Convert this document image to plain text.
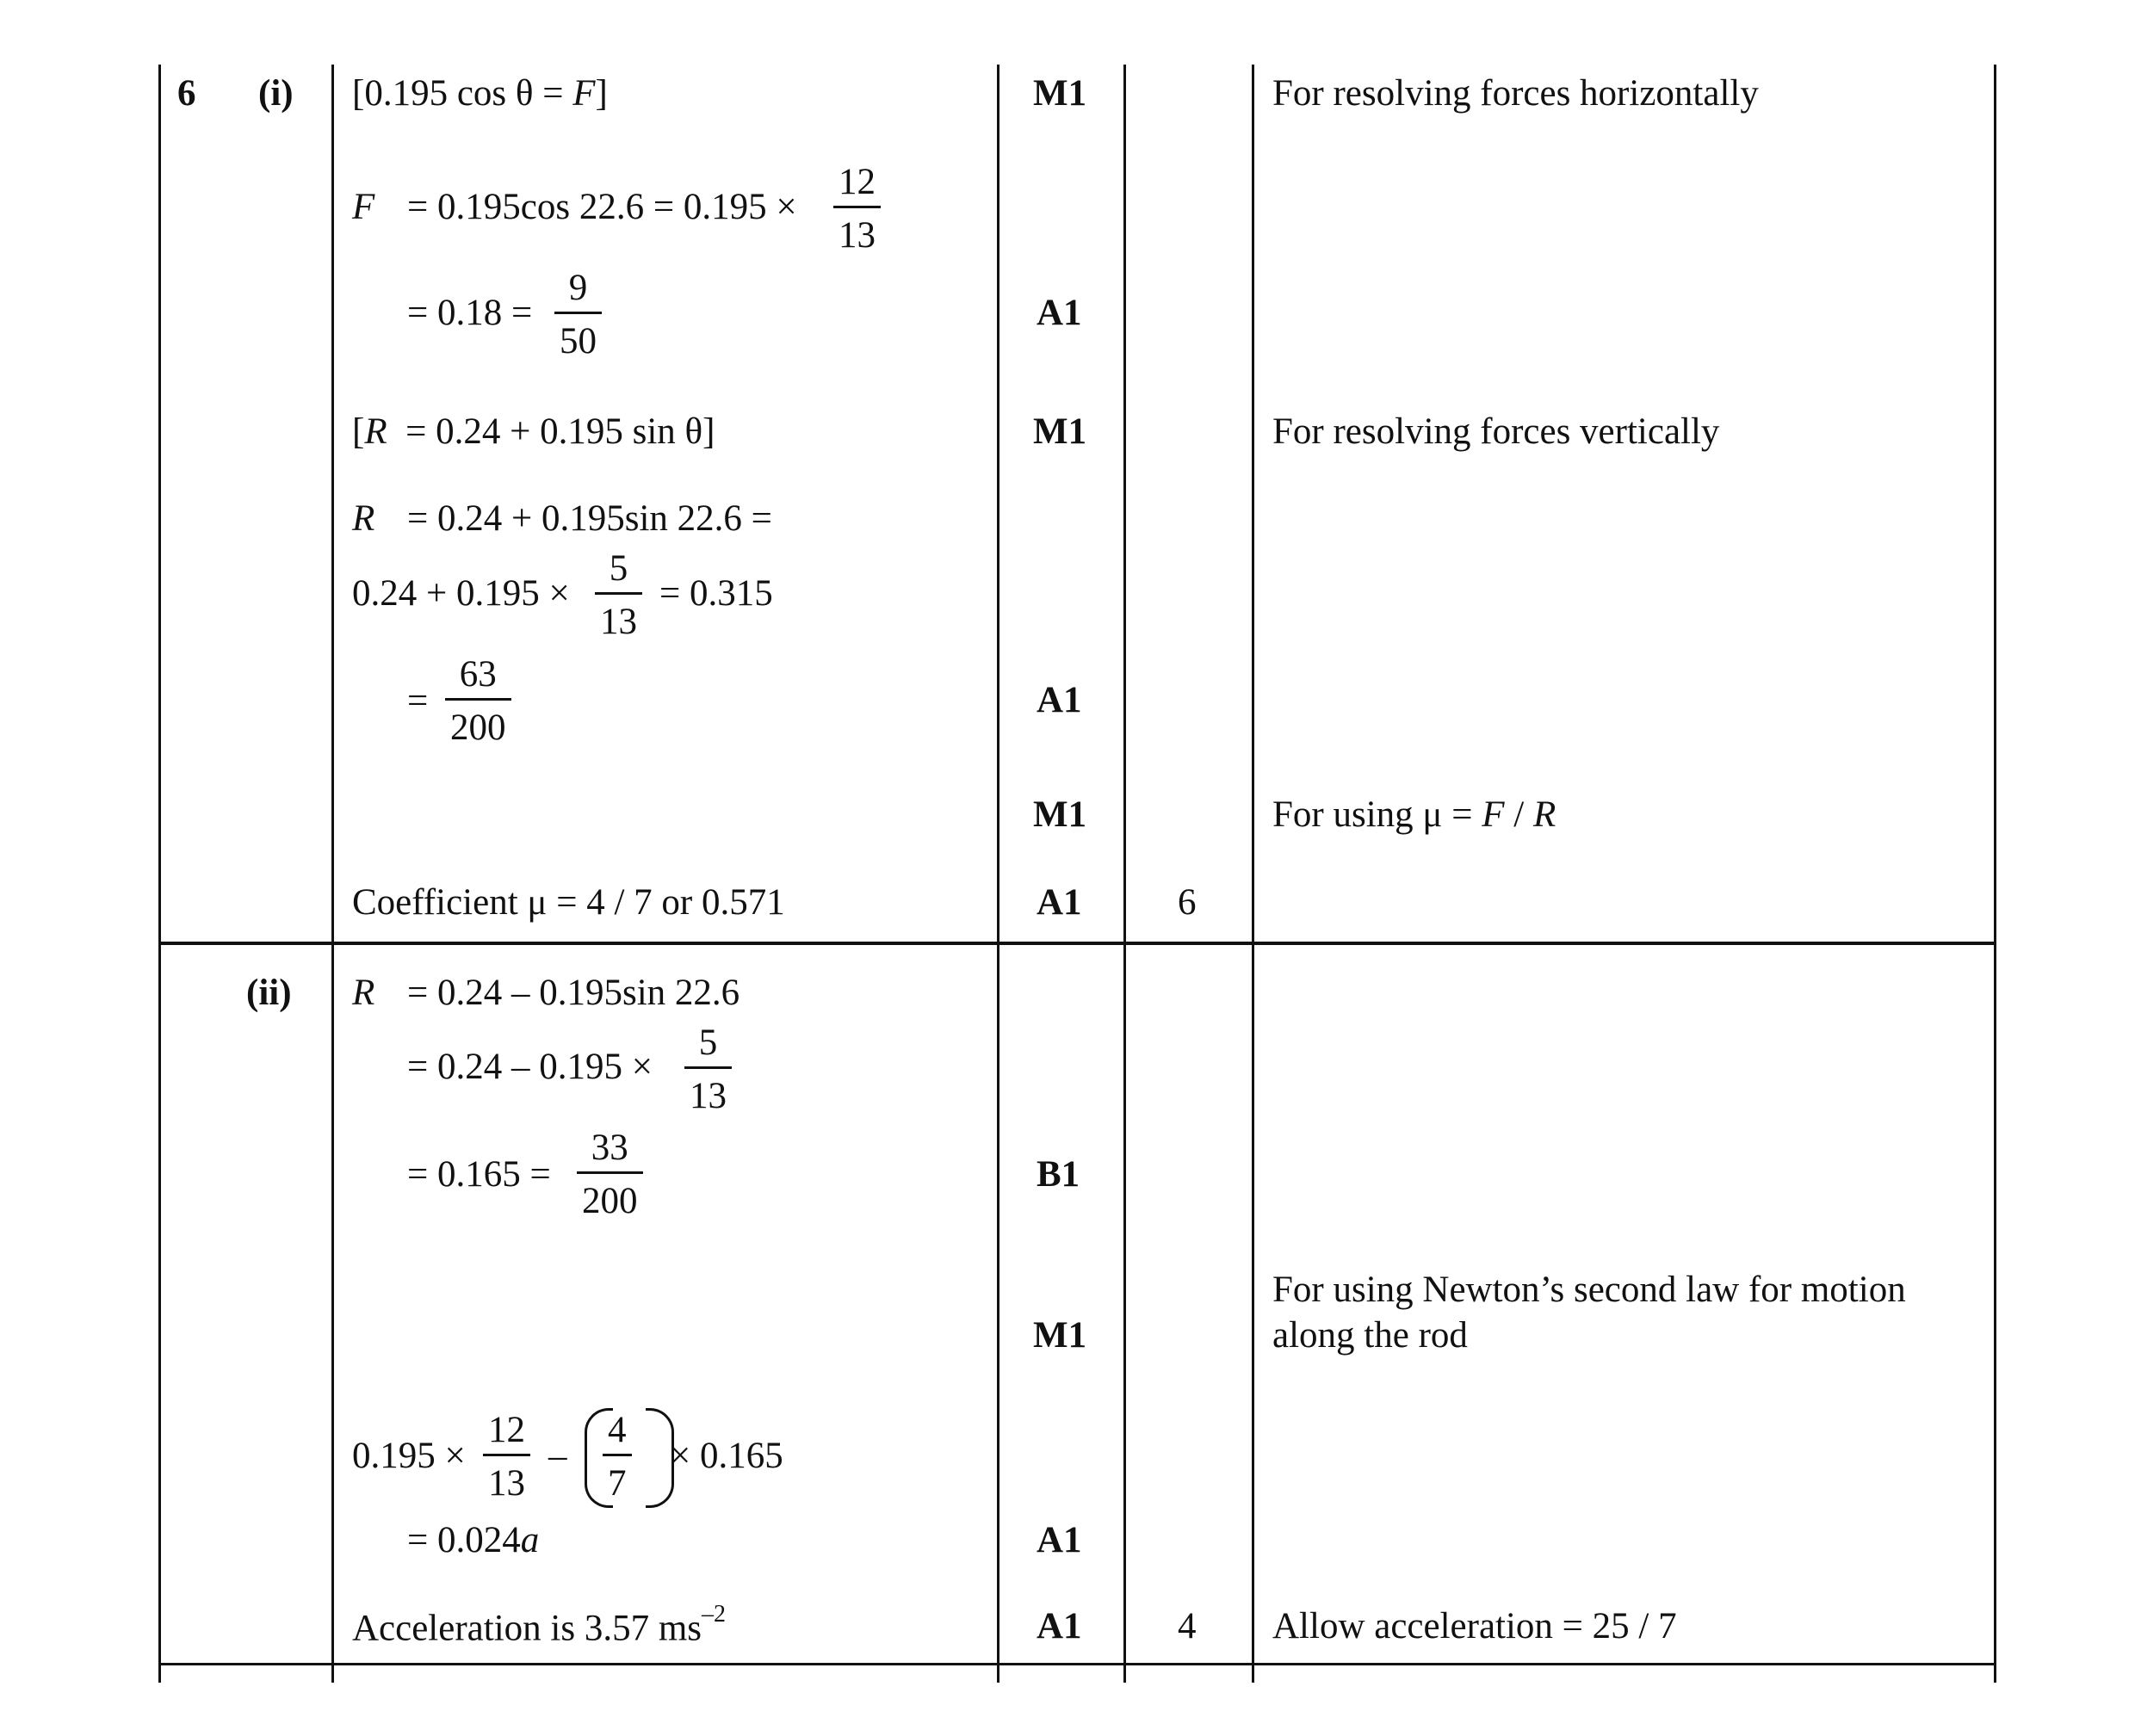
6 (i)
(ii)
[0.195 cos θ = F]
F = 0.195cos $22.6 = 0.195 \times \frac{12}{13}$
= $0.18 = \frac{9}{50}$
[R = 0.24 + 0.195 sin θ]
R = 0.24 + 0.195sin 22.6 =
$0.24 + 0.195 \times \frac{5}{13} = 0.315$
= $\frac{63}{200}$
Coefficient μ = 4 / 7 or 0.571
M1
A1
M1
A1
M1
A1	6
For resolving forces horizontally
For resolving forces vertically
For using μ = F / R
R = 0.24 – 0.195sin 22.6
= $0.24 - 0.195 \times \frac{5}{13}$
= $0.165 = \frac{33}{200}$
$0.195 \times \frac{12}{13} - \frac{4}{7} \times 0.165$
= 0.024a
Acceleration is 3.57 $ms^{-2}$
B1
M1
A1
A1	4
For using Newton’s second law for motion
along the rod
Allow acceleration = 25 / 7
